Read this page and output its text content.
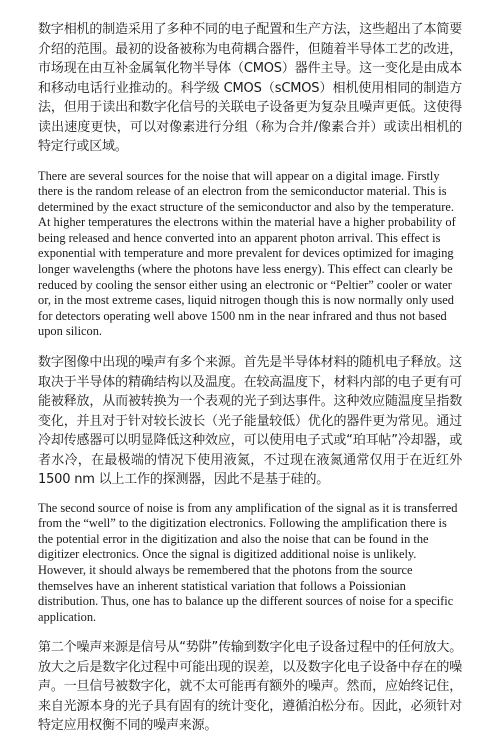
数字相机的制造采用了多种不同的电子配置和生产方法，这些超出了本简要介绍的范围。最初的设备被称为电荷耦合器件，但随着半导体工艺的改进，市场现在由互补金属氧化物半导体（CMOS）器件主导。这一变化是由成本和移动电话行业推动的。科学级 CMOS（sCMOS）相机使用相同的制造方法，但用于读出和数字化信号的关联电子设备更为复杂且噪声更低。这使得读出速度更快，可以对像素进行分组（称为合并/像素合并）或读出相机的特定行或区域。

There are several sources for the noise that will appear on a digital image. Firstly there is the random release of an electron from the semiconductor material. This is determined by the exact structure of the semiconductor and also by the temperature. At higher temperatures the electrons within the material have a higher probability of being released and hence converted into an apparent photon arrival. This effect is exponential with temperature and more prevalent for devices optimized for imaging longer wavelengths (where the photons have less energy). This effect can clearly be reduced by cooling the sensor either using an electronic or “Peltier” cooler or water or, in the most extreme cases, liquid nitrogen though this is now normally only used for detectors operating well above 1500 nm in the near infrared and thus not based upon silicon.

数字图像中出现的噪声有多个来源。首先是半导体材料的随机电子释放。这取决于半导体的精确结构以及温度。在较高温度下，材料内部的电子更有可能被释放，从而被转换为一个表观的光子到达事件。这种效应随温度呈指数变化，并且对于针对较长波长（光子能量较低）优化的器件更为常见。通过冷却传感器可以明显降低这种效应，可以使用电子式或“珀耳帖”冷却器，或者水冷，在最极端的情况下使用液氮，不过现在液氮通常仅用于在近红外 1500 nm 以上工作的探测器，因此不是基于硅的。

The second source of noise is from any amplification of the signal as it is transferred from the “well” to the digitization electronics. Following the amplification there is the potential error in the digitization and also the noise that can be found in the digitizer electronics. Once the signal is digitized additional noise is unlikely. However, it should always be remembered that the photons from the source themselves have an inherent statistical variation that follows a Poissionian distribution. Thus, one has to balance up the different sources of noise for a specific application.

第二个噪声来源是信号从“势阱”传输到数字化电子设备过程中的任何放大。放大之后是数字化过程中可能出现的误差，以及数字化电子设备中存在的噪声。一旦信号被数字化，就不太可能再有额外的噪声。然而，应始终记住，来自光源本身的光子具有固有的统计变化，遵循泊松分布。因此，必须针对特定应用权衡不同的噪声来源。
